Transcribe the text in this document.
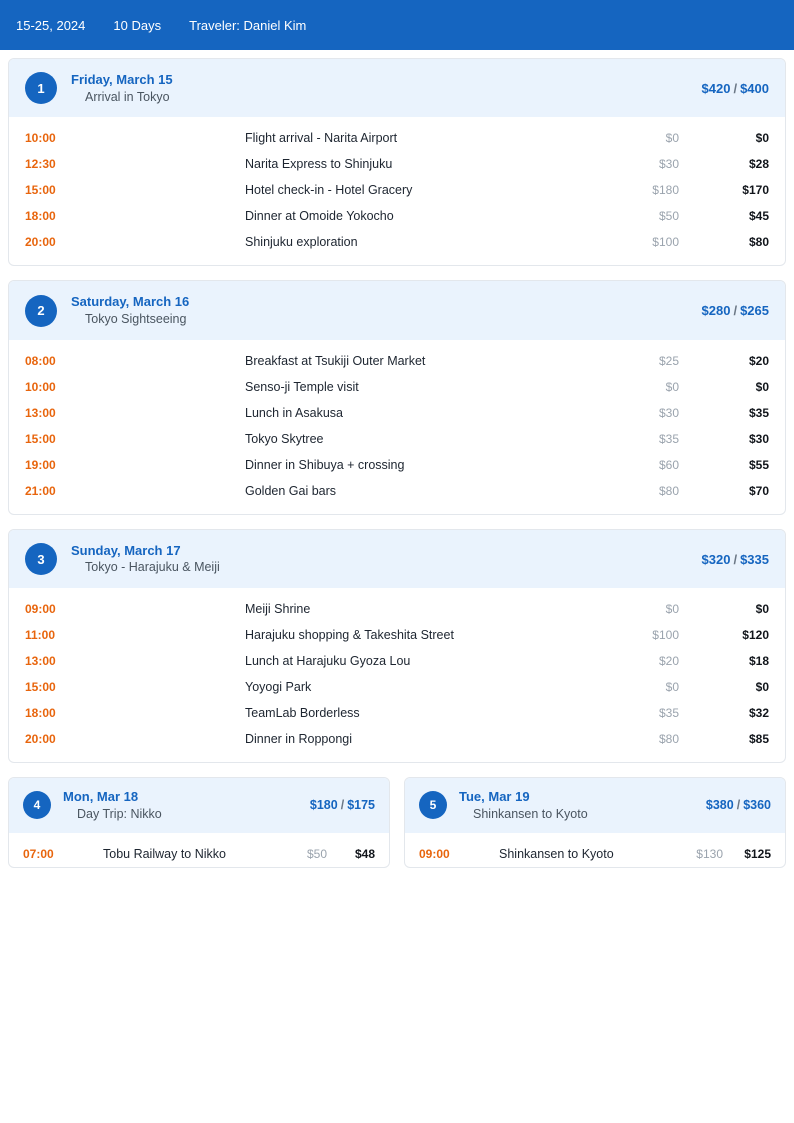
15-25, 2024 10 Days Traveler: Daniel Kim
1
Friday, March 15
Arrival in Tokyo
$420 / $400
10:00	Flight arrival - Narita Airport	$0	$0
12:30	Narita Express to Shinjuku	$30	$28
15:00	Hotel check-in - Hotel Gracery	$180	$170
18:00	Dinner at Omoide Yokocho	$50	$45
20:00	Shinjuku exploration	$100	$80
2
Saturday, March 16
Tokyo Sightseeing
$280 / $265
08:00	Breakfast at Tsukiji Outer Market	$25	$20
10:00	Senso-ji Temple visit	$0	$0
13:00	Lunch in Asakusa	$30	$35
15:00	Tokyo Skytree	$35	$30
19:00	Dinner in Shibuya + crossing	$60	$55
21:00	Golden Gai bars	$80	$70
3
Sunday, March 17
Tokyo - Harajuku & Meiji
$320 / $335
09:00	Meiji Shrine	$0	$0
11:00	Harajuku shopping & Takeshita Street	$100	$120
13:00	Lunch at Harajuku Gyoza Lou	$20	$18
15:00	Yoyogi Park	$0	$0
18:00	TeamLab Borderless	$35	$32
20:00	Dinner in Roppongi	$80	$85
4
Mon, Mar 18
Day Trip: Nikko
$180 / $175
07:00	Tobu Railway to Nikko	$50	$48
5
Tue, Mar 19
Shinkansen to Kyoto
$380 / $360
09:00	Shinkansen to Kyoto	$130	$125
